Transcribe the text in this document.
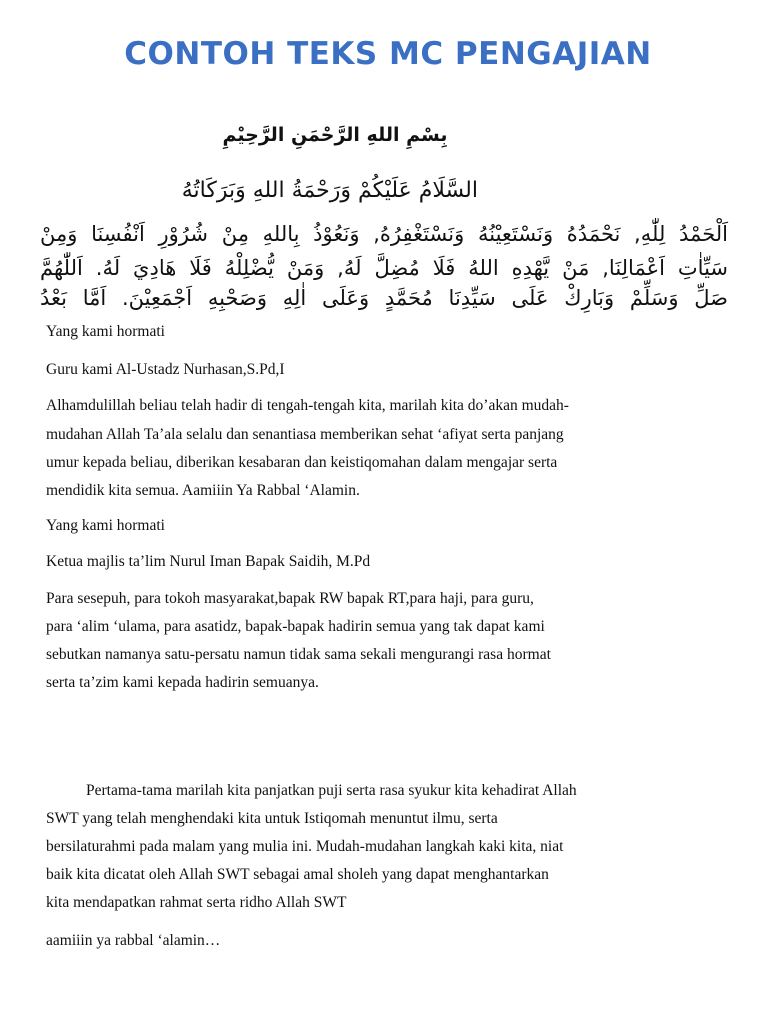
CONTOH TEKS MC PENGAJIAN

بِسْمِ اللهِ الرَّحْمَنِ الرَّحِيْمِ

السَّلَامُ عَلَيْكُمْ وَرَحْمَةُ اللهِ وَبَرَكَاتُهُ

اَلْحَمْدُ لِلّٰهِ, نَحْمَدُهُ وَنَسْتَعِيْنُهُ وَنَسْتَغْفِرُهُ, وَنَعُوْذُ بِاللهِ مِنْ شُرُوْرِ اَنْفُسِنَا وَمِنْ

سَيِّاٰتِ اَعْمَالِنَا, مَنْ يَّهْدِهِ اللهُ فَلَا مُضِلَّ لَهُ, وَمَنْ يُّضْلِلْهُ فَلَا هَادِيَ لَهُ. اَللّٰهُمَّ

صَلِّ وَسَلِّمْ وَبَارِكْ عَلَى سَيِّدِنَا مُحَمَّدٍ وَعَلَى اٰلِهِ وَصَحْبِهِ اَجْمَعِيْنَ. اَمَّا بَعْدُ

Yang kami hormati

Guru kami Al-Ustadz Nurhasan,S.Pd,I

Alhamdulillah beliau telah hadir di tengah-tengah kita, marilah kita do’akan mudah-

mudahan Allah Ta’ala selalu dan senantiasa memberikan sehat ‘afiyat serta panjang

umur kepada beliau, diberikan kesabaran dan keistiqomahan dalam mengajar serta

mendidik kita semua. Aamiiin Ya Rabbal ‘Alamin.

Yang kami hormati

Ketua majlis ta’lim Nurul Iman Bapak Saidih, M.Pd

Para sesepuh, para tokoh masyarakat,bapak RW bapak RT,para haji, para guru,

para ‘alim ‘ulama, para asatidz, bapak-bapak hadirin semua yang tak dapat kami

sebutkan namanya satu-persatu namun tidak sama sekali mengurangi rasa hormat

serta ta’zim kami kepada hadirin semuanya.

Pertama-tama marilah kita panjatkan puji serta rasa syukur kita kehadirat Allah

SWT yang telah menghendaki kita untuk Istiqomah menuntut ilmu, serta

bersilaturahmi pada malam yang mulia ini. Mudah-mudahan langkah kaki kita, niat

baik kita dicatat oleh Allah SWT sebagai amal sholeh yang dapat menghantarkan

kita mendapatkan rahmat serta ridho Allah SWT

aamiiin ya rabbal ‘alamin…
